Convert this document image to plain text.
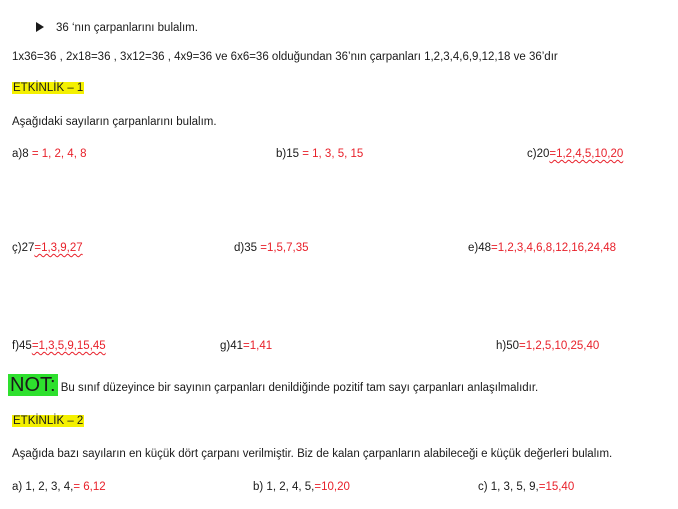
36 ‘nın çarpanlarını bulalım.
1x36=36 , 2x18=36 , 3x12=36 , 4x9=36 ve 6x6=36 olduğundan 36’nın çarpanları 1,2,3,4,6,9,12,18 ve 36’dır
ETKİNLİK – 1
Aşağıdaki sayıların çarpanlarını bulalım.
a)8 = 1, 2, 4, 8	b)15 = 1, 3, 5, 15	c)20=1,2,4,5,10,20
ç)27=1,3,9,27	d)35 =1,5,7,35	e)48=1,2,3,4,6,8,12,16,24,48
f)45=1,3,5,9,15,45	g)41=1,41	h)50=1,2,5,10,25,40
NOT: Bu sınıf düzeyince bir sayının çarpanları denildiğinde pozitif tam sayı çarpanları anlaşılmalıdır.
ETKİNLİK – 2
Aşağıda bazı sayıların en küçük dört çarpanı verilmiştir. Biz de kalan çarpanların alabileceği e küçük değerleri bulalım.
a) 1, 2, 3, 4,= 6,12	b) 1, 2, 4, 5,=10,20	c) 1, 3, 5, 9,=15,40
